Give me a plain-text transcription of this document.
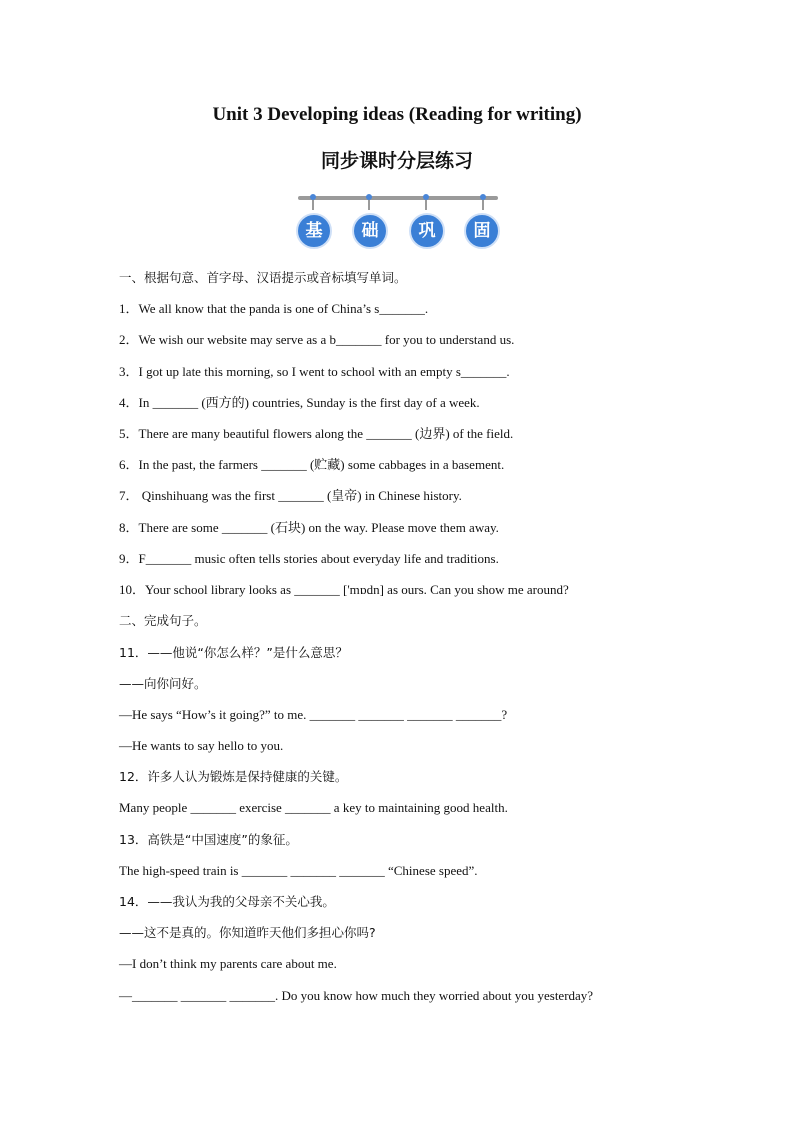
Unit 3 Developing ideas (Reading for writing)
同步课时分层练习
基	础	巩	固
一、根据句意、首字母、汉语提示或音标填写单词。
1．We all know that the panda is one of China’s s_______.
2．We wish our website may serve as a b_______ for you to understand us.
3．I got up late this morning, so I went to school with an empty s_______.
4．In _______ (西方的) countries, Sunday is the first day of a week.
5．There are many beautiful flowers along the _______ (边界) of the field.
6．In the past, the farmers _______ (贮藏) some cabbages in a basement.
7． Qinshihuang was the first _______ (皇帝) in Chinese history.
8．There are some _______ (石块) on the way. Please move them away.
9．F_______ music often tells stories about everyday life and traditions.
10．Your school library looks as _______ ['mɒdn] as ours. Can you show me around?
二、完成句子。
11．——他说“你怎么样？”是什么意思？
——向你问好。
—He says “How’s it going?” to me. _______ _______ _______ _______?
—He wants to say hello to you.
12．许多人认为锻炼是保持健康的关键。
Many people _______ exercise _______ a key to maintaining good health.
13．高铁是“中国速度”的象征。
The high-speed train is _______ _______ _______ “Chinese speed”.
14．——我认为我的父母亲不关心我。
——这不是真的。你知道昨天他们多担心你吗?
—I don’t think my parents care about me.
—_______ _______ _______. Do you know how much they worried about you yesterday?
